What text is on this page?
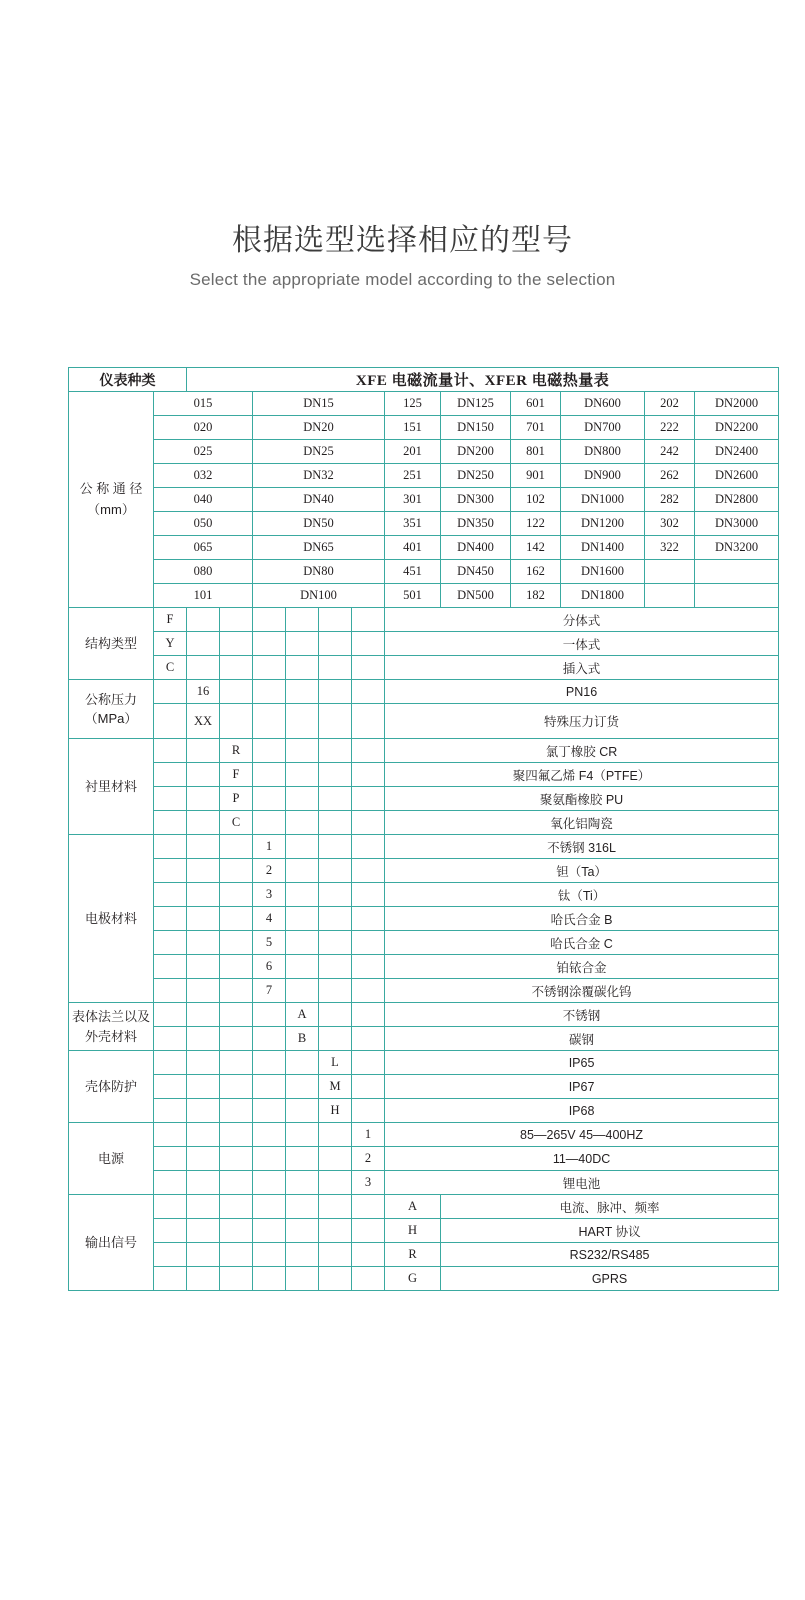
根据选型选择相应的型号

Select the appropriate model according to the selection

仪表种类		XFE 电磁流量计、XFER 电磁热量表											
公 称 通 径 （mm）	015			DN15				125	DN125	601	DN600	202	DN2000
	020			DN20				151	DN150	701	DN700	222	DN2200
	025			DN25				201	DN200	801	DN800	242	DN2400
	032			DN32				251	DN250	901	DN900	262	DN2600
	040			DN40				301	DN300	102	DN1000	282	DN2800
	050			DN50				351	DN350	122	DN1200	302	DN3000
	065			DN65				401	DN400	142	DN1400	322	DN3200
	080			DN80				451	DN450	162	DN1600		
	101			DN100				501	DN500	182	DN1800		
结构类型	F							分体式					
	Y							一体式					
	C							插入式					
公称压力（MPa）		16						PN16					
		XX						特殊压力订货					
衬里材料			R					氯丁橡胶 CR					
			F					聚四氟乙烯 F4（PTFE）					
			P					聚氨酯橡胶 PU					
			C					氧化铝陶瓷					
电极材料				1				不锈钢 316L					
				2				钽（Ta）					
				3				钛（Ti）					
				4				哈氏合金 B					
				5				哈氏合金 C					
				6				铂铱合金					
				7				不锈钢涂覆碳化钨					
表体法兰以及外壳材料					A			不锈钢					
					B			碳钢					
壳体防护						L		IP65					
						M		IP67					
						H		IP68					
电源							1	85—265V 45—400HZ					
							2	11—40DC					
							3	锂电池					
输出信号								A	电流、脉冲、频率				
								H	HART 协议				
								R	RS232/RS485				
								G	GPRS				
